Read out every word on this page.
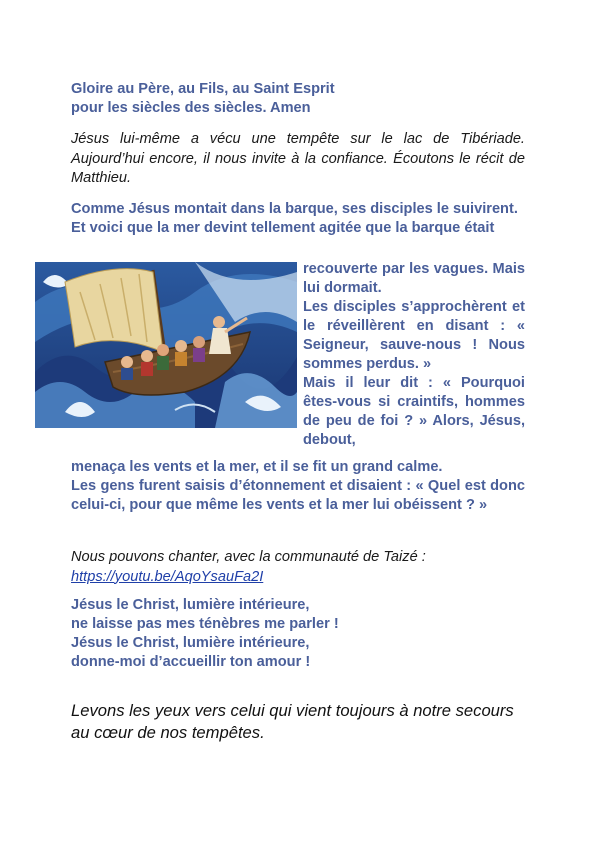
Gloire au Père, au Fils, au Saint Esprit
pour les siècles des siècles. Amen

Jésus lui-même a vécu une tempête sur le lac de Tibériade. Aujourd’hui encore, il nous invite à la confiance. Écoutons le récit de Matthieu.

Comme Jésus montait dans la barque, ses disciples le suivirent.

Et voici que la mer devint tellement agitée que la barque était

recouverte par les vagues. Mais lui dormait.

Les disciples s’approchèrent et le réveillèrent en disant : « Seigneur, sauve-nous ! Nous sommes perdus. »

Mais il leur dit : « Pourquoi êtes-vous si craintifs, hommes de peu de foi ? » Alors, Jésus, debout,

menaça les vents et la mer, et il se fit un grand calme.

Les gens furent saisis d’étonnement et disaient : « Quel est donc celui-ci, pour que même les vents et la mer lui obéissent ? »

Nous pouvons chanter, avec la communauté de Taizé :
https://youtu.be/AqoYsauFa2I
Jésus le Christ, lumière intérieure,
ne laisse pas mes ténèbres me parler !
Jésus le Christ, lumière intérieure,
donne-moi d’accueillir ton amour !

Levons les yeux vers celui qui vient toujours à notre secours au cœur de nos tempêtes.
